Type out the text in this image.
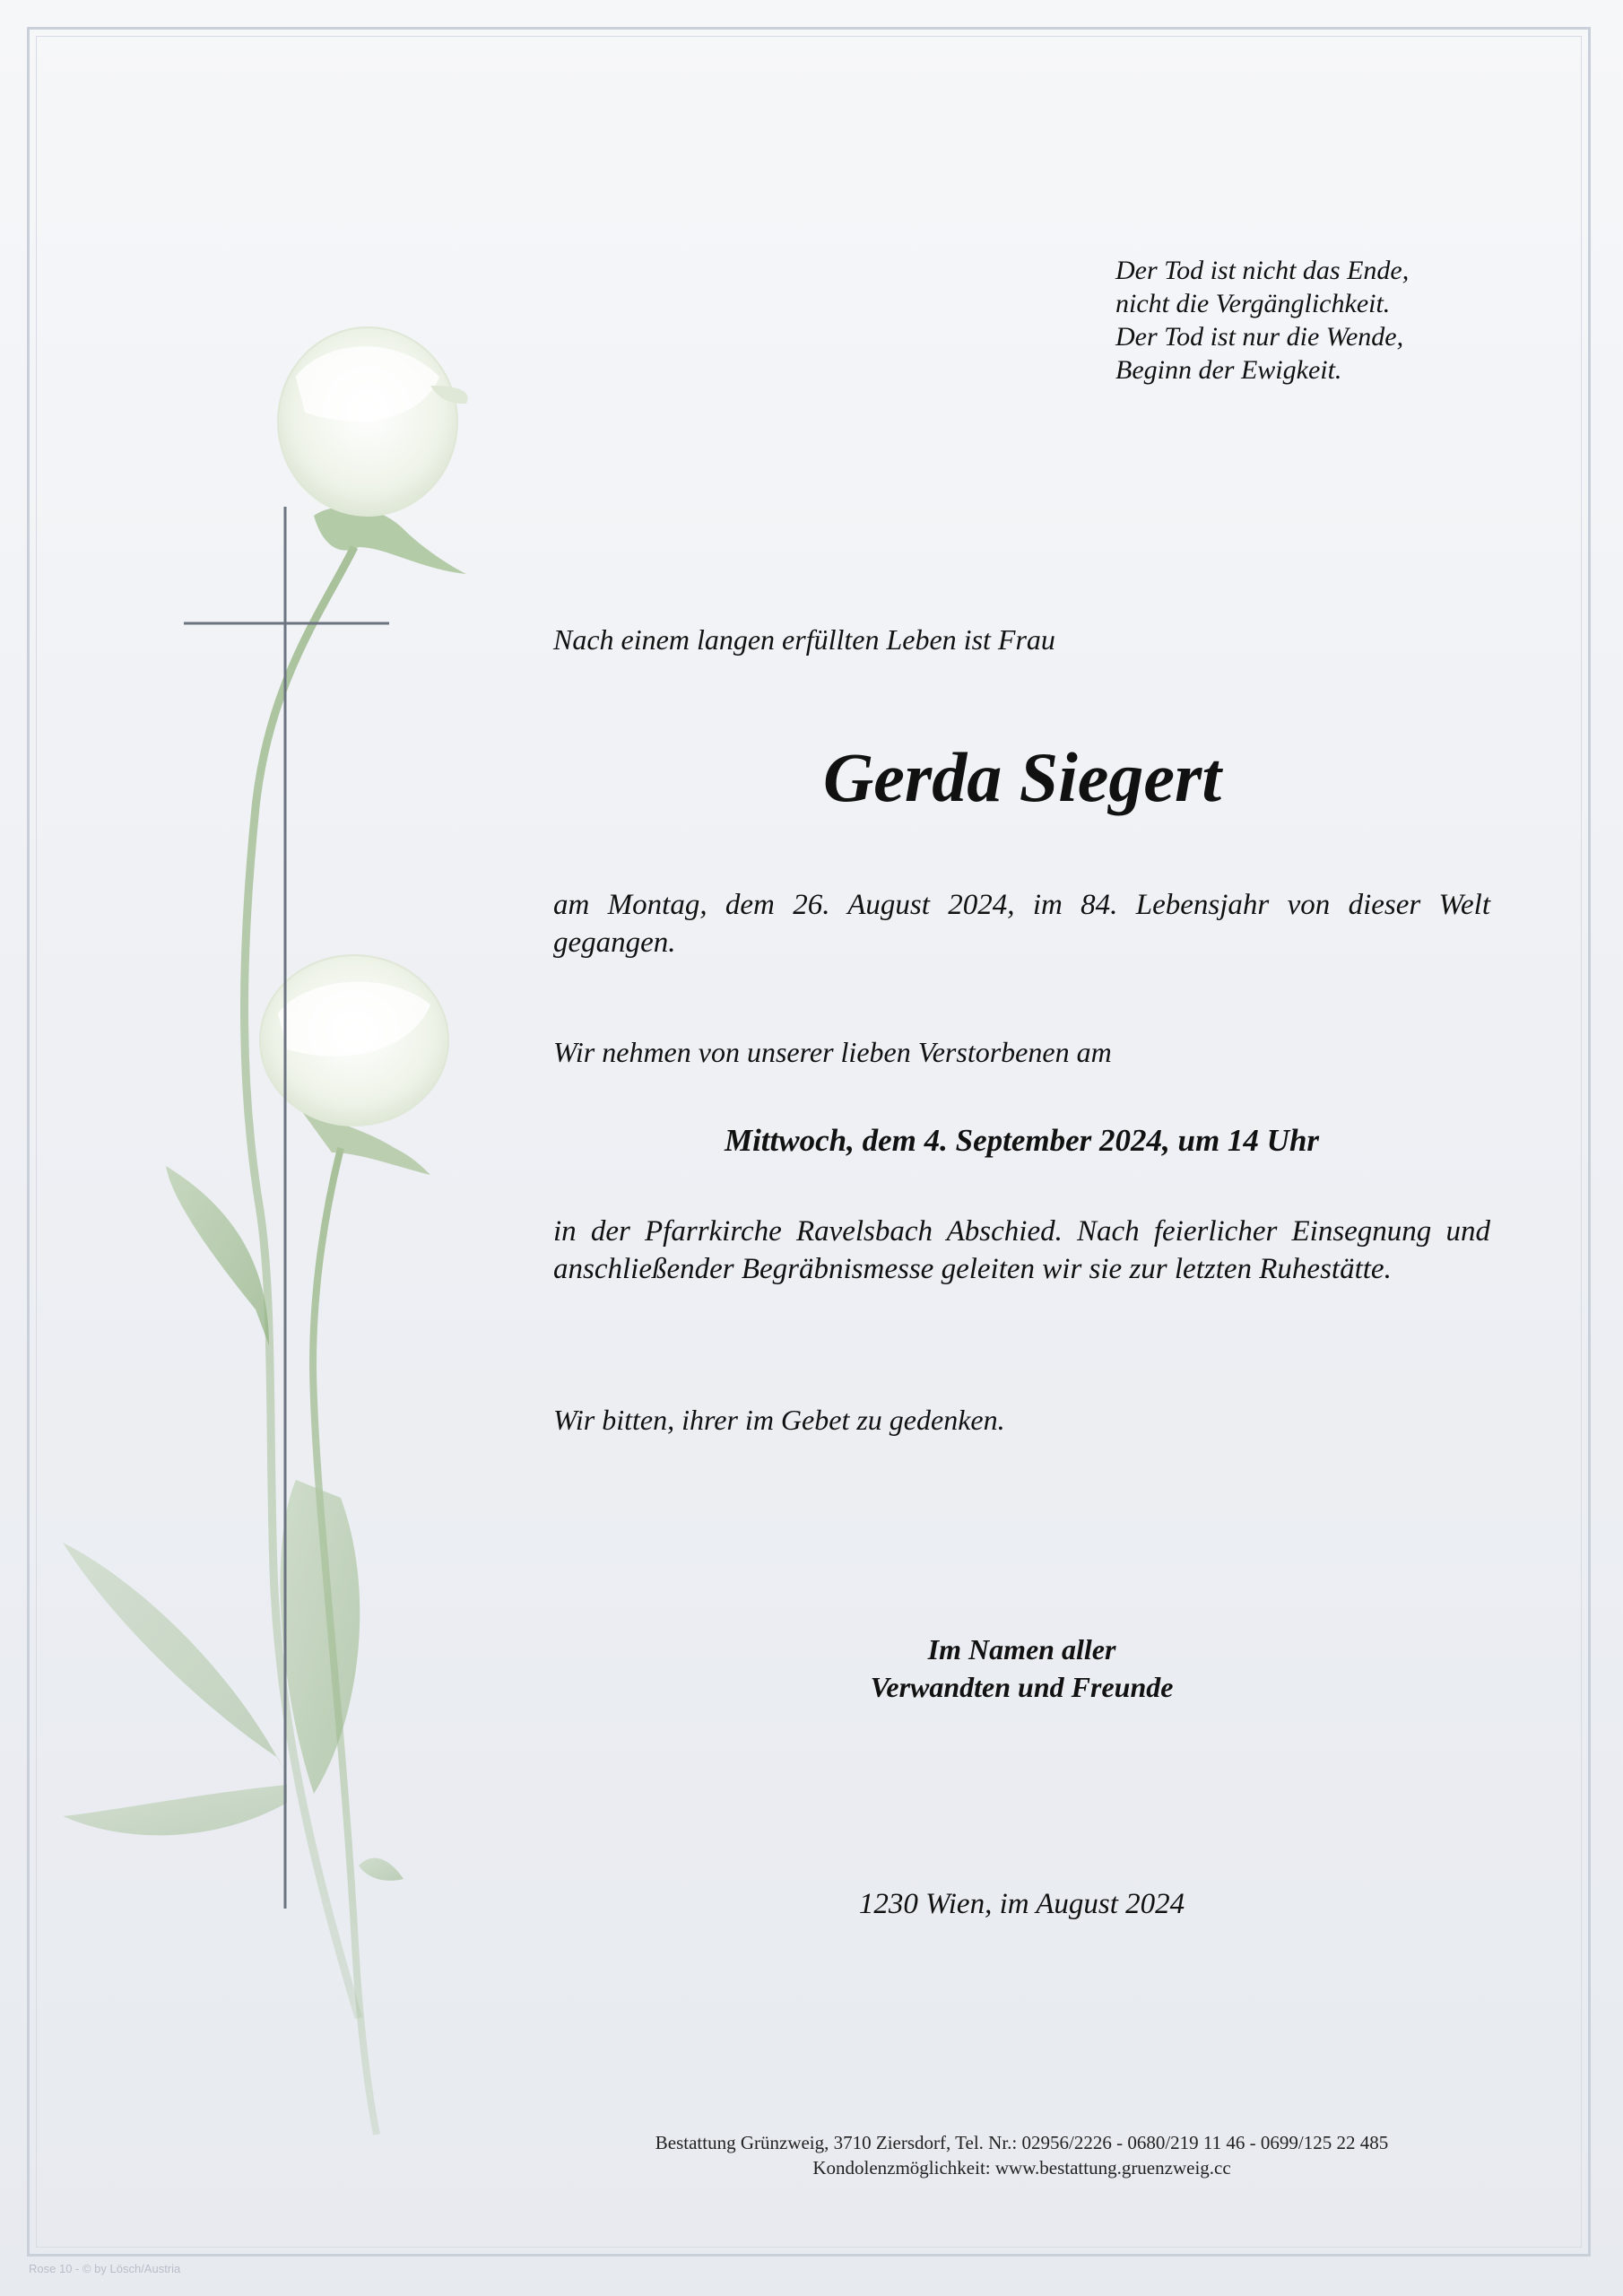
Der Tod ist nicht das Ende,
nicht die Vergänglichkeit.
Der Tod ist nur die Wende,
Beginn der Ewigkeit.
Nach einem langen erfüllten Leben ist Frau
Gerda Siegert
am Montag, dem 26. August 2024, im 84. Lebensjahr von dieser Welt gegangen.
Wir nehmen von unserer lieben Verstorbenen am
Mittwoch, dem 4. September 2024, um 14 Uhr
in der Pfarrkirche Ravelsbach Abschied. Nach feierlicher Einsegnung und anschließender Begräbnismesse geleiten wir sie zur letzten Ruhestätte.
Wir bitten, ihrer im Gebet zu gedenken.
Im Namen aller
Verwandten und Freunde
1230 Wien, im August 2024
Bestattung Grünzweig, 3710 Ziersdorf, Tel. Nr.: 02956/2226 - 0680/219 11 46 - 0699/125 22 485
Kondolenzmöglichkeit: www.bestattung.gruenzweig.cc
Rose 10 - © by Lösch/Austria
